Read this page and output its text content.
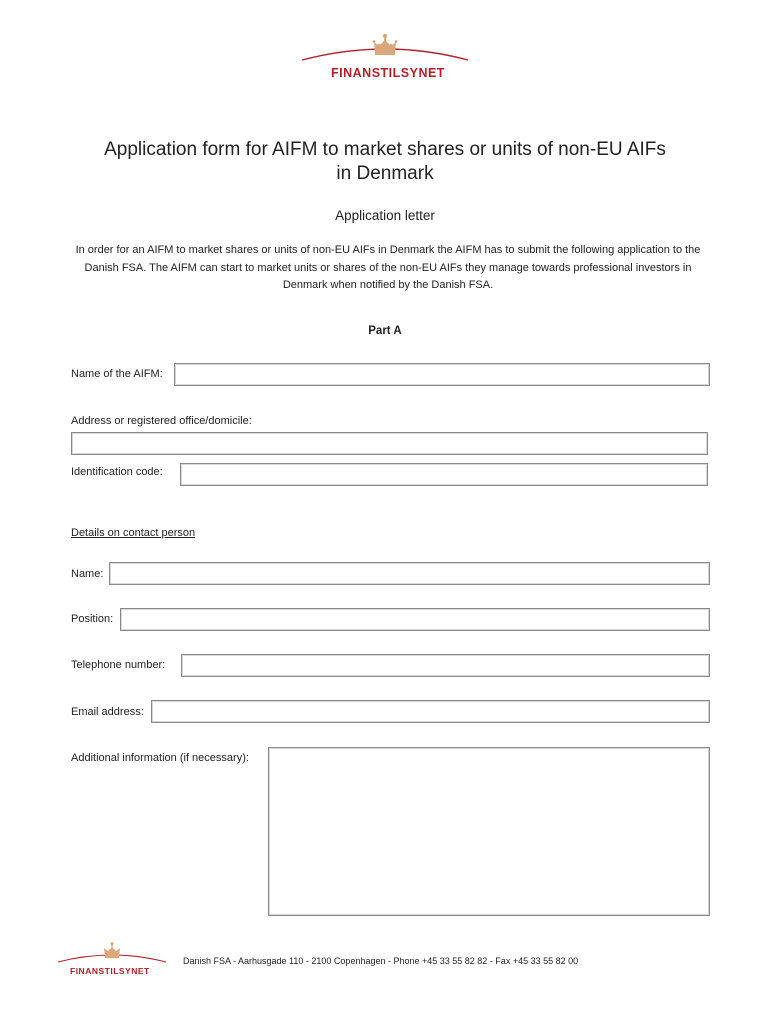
FINANSTILSYNET
Application form for AIFM to market shares or units of non-EU AIFs in Denmark
Application letter
In order for an AIFM to market shares or units of non-EU AIFs in Denmark the AIFM has to submit the following application to the Danish FSA. The AIFM can start to market units or shares of the non-EU AIFs they manage towards professional investors in Denmark when notified by the Danish FSA.
Part A
Name of the AIFM:
Address or registered office/domicile:
Identification code:
Details on contact person
Name:
Position:
Telephone number:
Email address:
Additional information (if necessary):
FINANSTILSYNET
Danish FSA - Aarhusgade 110 - 2100 Copenhagen - Phone +45 33 55 82 82 - Fax +45 33 55 82 00
